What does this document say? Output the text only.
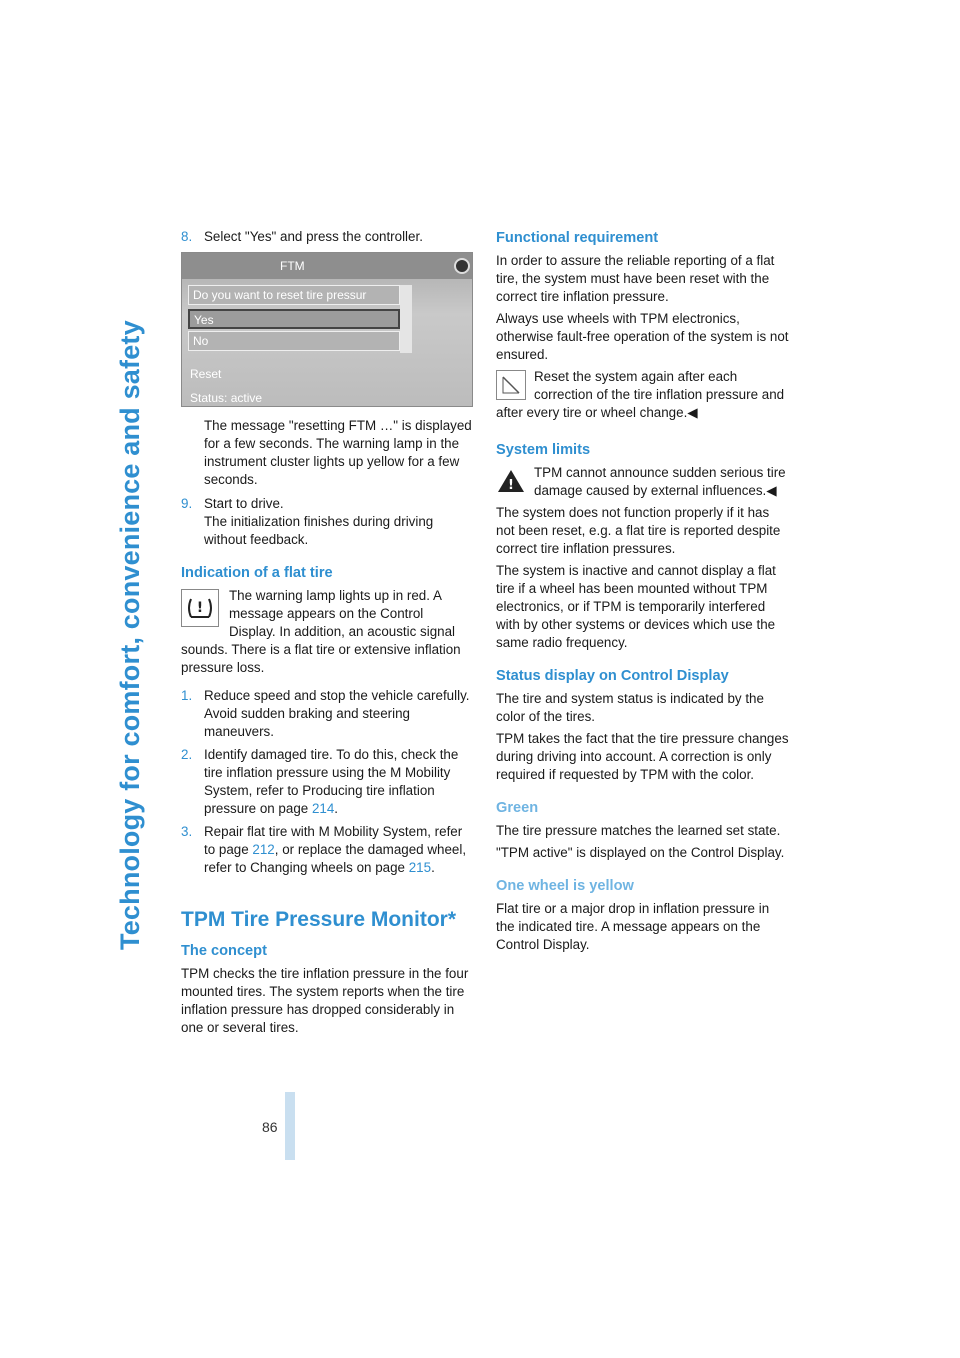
Technology for comfort, convenience and safety
8. Select "Yes" and press the controller.
FTM
Do you want to reset tire pressur
Yes
No
Reset
Status: active

The message "resetting FTM …" is displayed for a few seconds. The warning lamp in the instrument cluster lights up yellow for a few seconds.

9. Start to drive.
The initialization finishes during driving without feedback.
Indication of a flat tire
!

The warning lamp lights up in red. A message appears on the Control Display. In addition, an acoustic signal sounds. There is a flat tire or extensive inflation pressure loss.

1. Reduce speed and stop the vehicle carefully. Avoid sudden braking and steering maneuvers.
2. Identify damaged tire. To do this, check the tire inflation pressure using the M Mobility System, refer to Producing tire inflation pressure on page 214.
3. Repair flat tire with M Mobility System, refer to page 212, or replace the damaged wheel, refer to Changing wheels on page 215.
TPM Tire Pressure Monitor*
The concept

TPM checks the tire inflation pressure in the four mounted tires. The system reports when the tire inflation pressure has dropped considerably in one or several tires.

Functional requirement

In order to assure the reliable reporting of a flat tire, the system must have been reset with the correct tire inflation pressure.

Always use wheels with TPM electronics, otherwise fault-free operation of the system is not ensured.

Reset the system again after each correction of the tire inflation pressure and after every tire or wheel change.◀

System limits
!

TPM cannot announce sudden serious tire damage caused by external influences.◀

The system does not function properly if it has not been reset, e.g. a flat tire is reported despite correct tire inflation pressures.

The system is inactive and cannot display a flat tire if a wheel has been mounted without TPM electronics, or if TPM is temporarily interfered with by other systems or devices which use the same radio frequency.

Status display on Control Display

The tire and system status is indicated by the color of the tires.

TPM takes the fact that the tire pressure changes during driving into account. A correction is only required if requested by TPM with the color.

Green

The tire pressure matches the learned set state.

"TPM active" is displayed on the Control Display.

One wheel is yellow

Flat tire or a major drop in inflation pressure in the indicated tire. A message appears on the Control Display.

86
